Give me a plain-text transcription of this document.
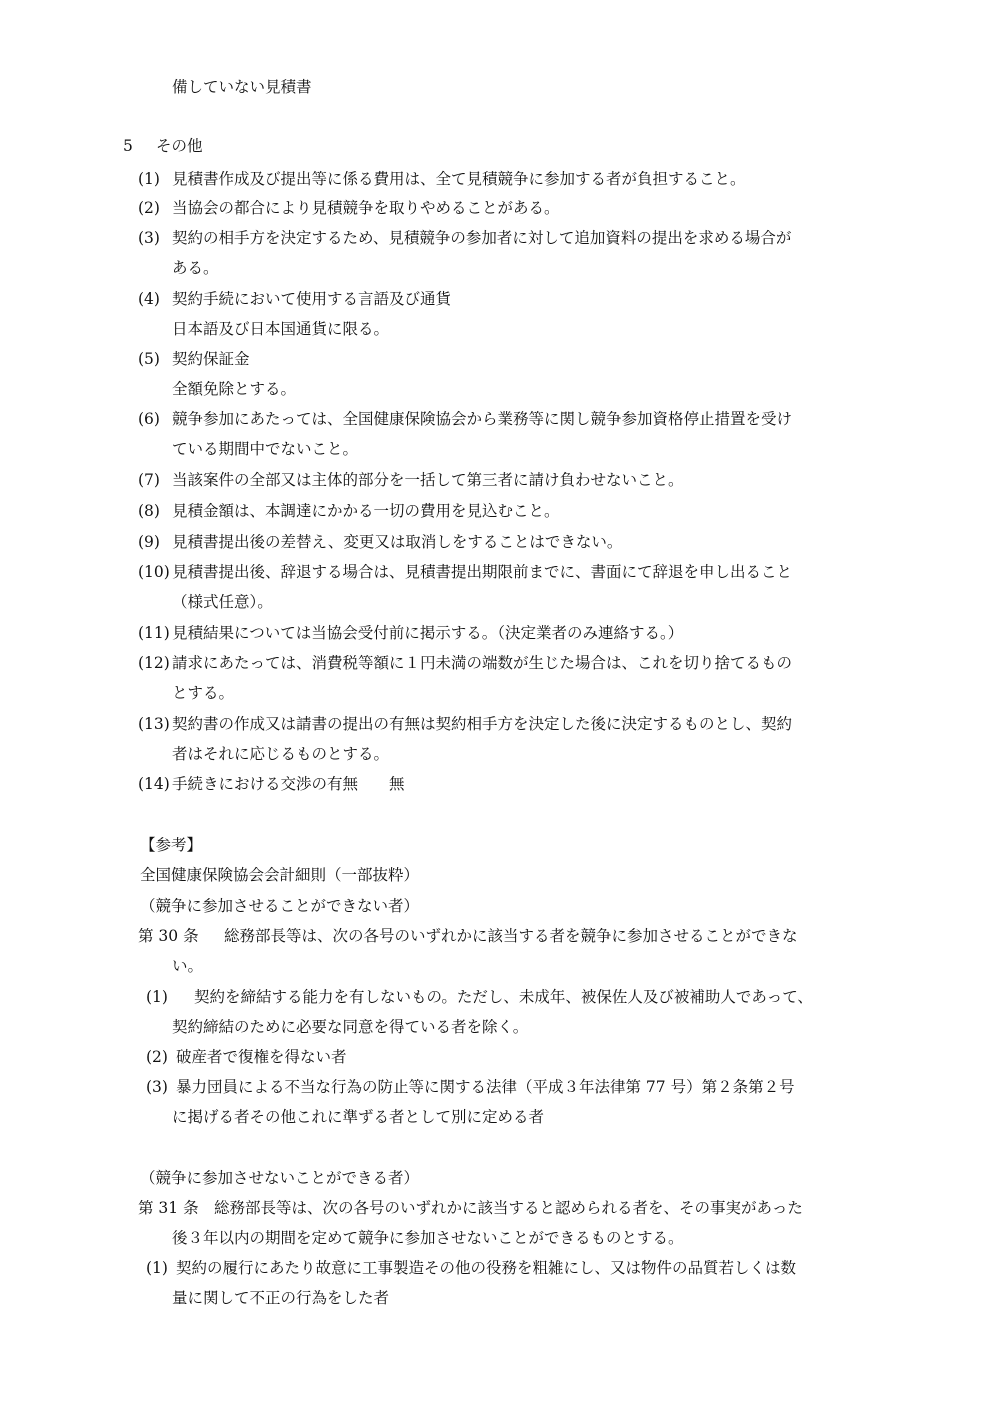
備していない見積書
5 その他
(1) 見積書作成及び提出等に係る費用は、全て見積競争に参加する者が負担すること。
(2) 当協会の都合により見積競争を取りやめることがある。
(3) 契約の相手方を決定するため、見積競争の参加者に対して追加資料の提出を求める場合が
ある。
(4) 契約手続において使用する言語及び通貨
日本語及び日本国通貨に限る。
(5) 契約保証金
全額免除とする。
(6) 競争参加にあたっては、全国健康保険協会から業務等に関し競争参加資格停止措置を受け
ている期間中でないこと。
(7) 当該案件の全部又は主体的部分を一括して第三者に請け負わせないこと。
(8) 見積金額は、本調達にかかる一切の費用を見込むこと。
(9) 見積書提出後の差替え、変更又は取消しをすることはできない。
(10) 見積書提出後、辞退する場合は、見積書提出期限前までに、書面にて辞退を申し出ること
（様式任意）。
(11) 見積結果については当協会受付前に掲示する。（決定業者のみ連絡する。）
(12) 請求にあたっては、消費税等額に１円未満の端数が生じた場合は、これを切り捨てるもの
とする。
(13) 契約書の作成又は請書の提出の有無は契約相手方を決定した後に決定するものとし、契約
者はそれに応じるものとする。
(14) 手続きにおける交渉の有無　　無
【参考】
全国健康保険協会会計細則（一部抜粋）
（競争に参加させることができない者）
第 30 条 総務部長等は、次の各号のいずれかに該当する者を競争に参加させることができな
い。
(1) 契約を締結する能力を有しないもの。ただし、未成年、被保佐人及び被補助人であって、
契約締結のために必要な同意を得ている者を除く。
(2) 破産者で復権を得ない者
(3) 暴力団員による不当な行為の防止等に関する法律（平成３年法律第 77 号）第２条第２号
に掲げる者その他これに準ずる者として別に定める者
（競争に参加させないことができる者）
第 31 条 総務部長等は、次の各号のいずれかに該当すると認められる者を、その事実があった
後３年以内の期間を定めて競争に参加させないことができるものとする。
(1) 契約の履行にあたり故意に工事製造その他の役務を粗雑にし、又は物件の品質若しくは数
量に関して不正の行為をした者
